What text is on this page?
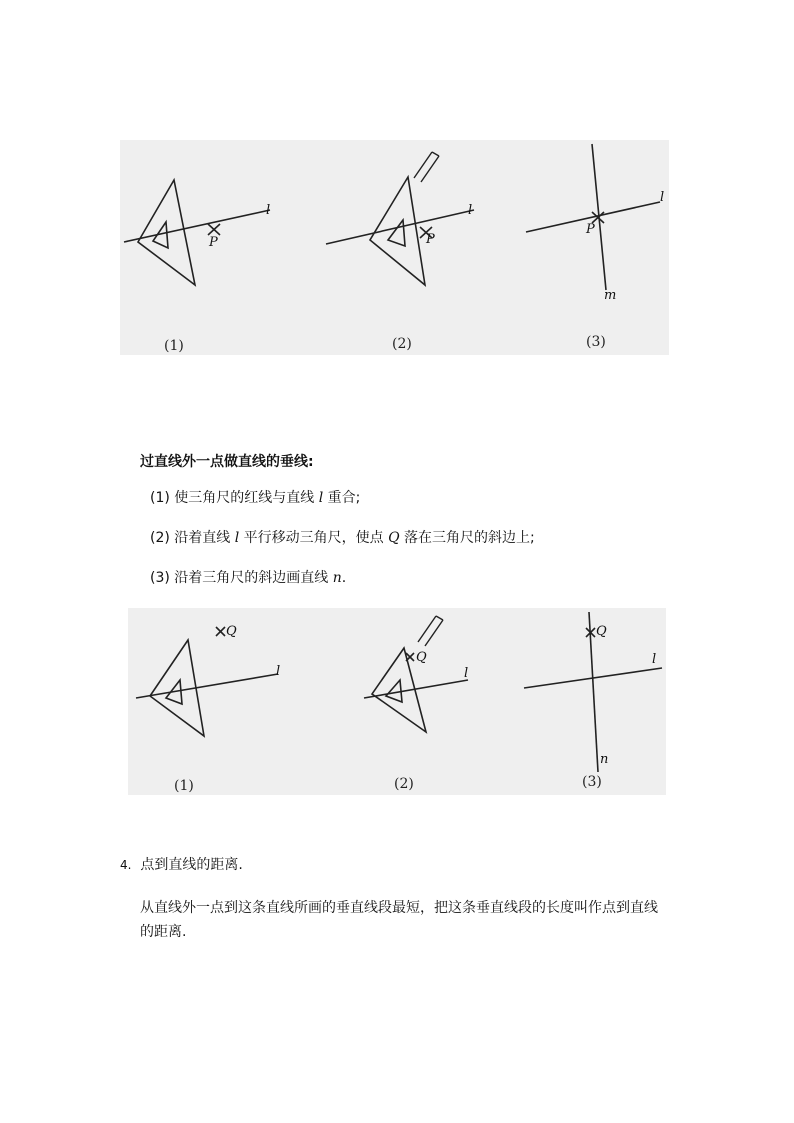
l
P
l
P
l
P
m
(1)	(2)	(3)
过直线外一点做直线的垂线:
(1) 使三角尺的红线与直线 l 重合;
(2) 沿着直线 l 平行移动三角尺，使点 Q 落在三角尺的斜边上;
(3) 沿着三角尺的斜边画直线 n.
Q
l
Q
l
Q
l
n
(1)	(2)	(3)
4. 点到直线的距离.
从直线外一点到这条直线所画的垂直线段最短，把这条垂直线段的长度叫作点到直线
的距离.
